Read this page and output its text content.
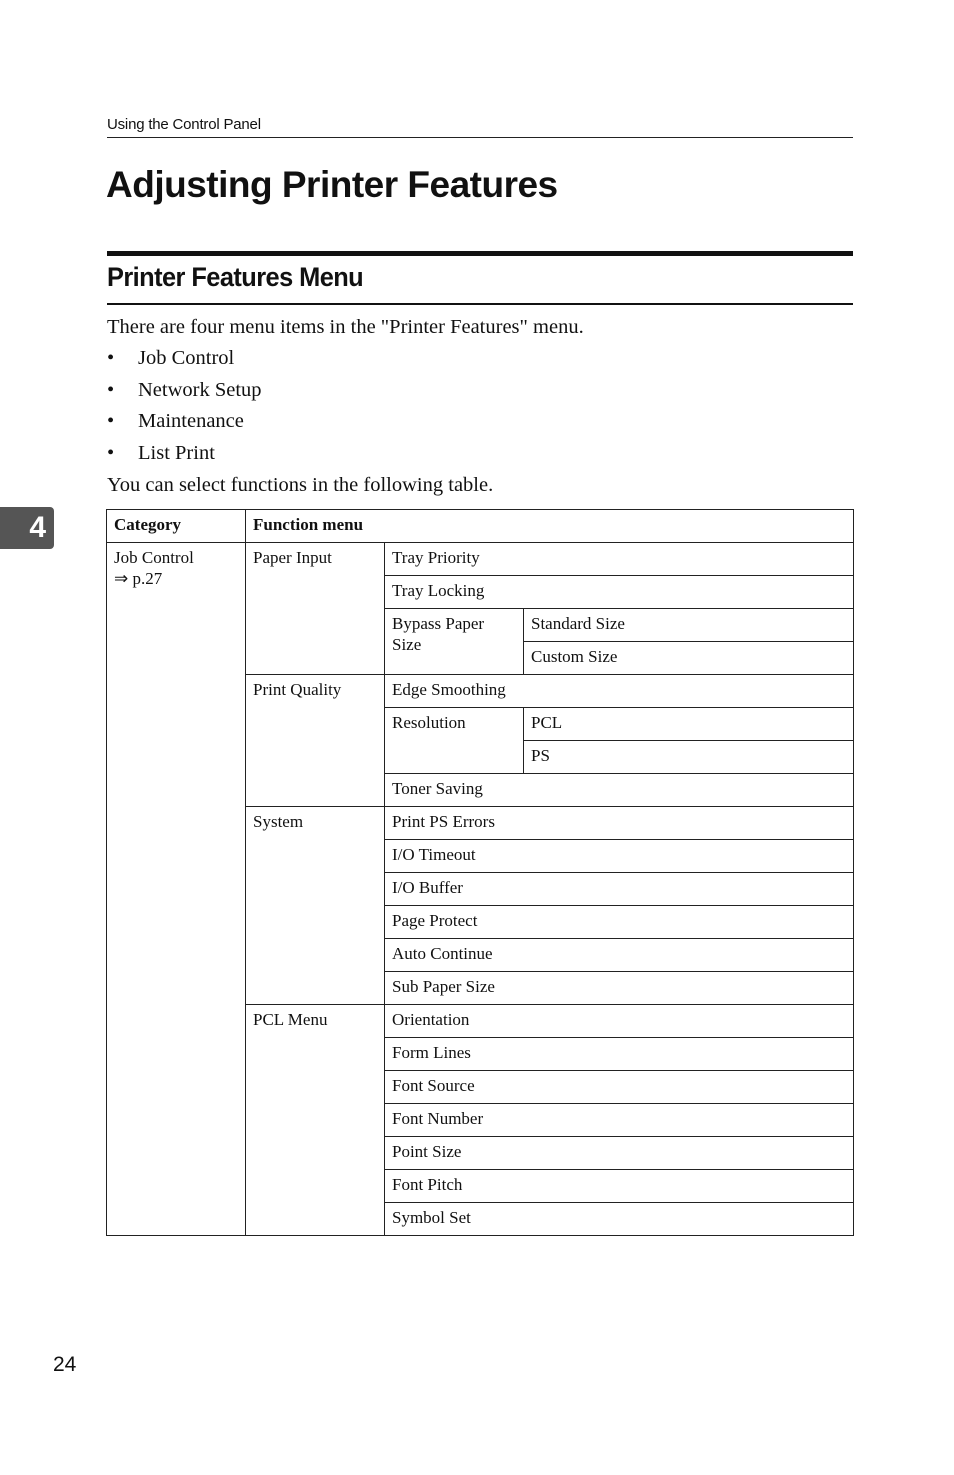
Using the Control Panel
Adjusting Printer Features
Printer Features Menu

There are four menu items in the "Printer Features" menu.

•	Job Control
•	Network Setup
•	Maintenance
•	List Print

You can select functions in the following table.

4	Category	Function menu		

Job Control
⇒ p.27	Paper Input	Tray Priority	
		Tray Locking	
		Bypass Paper Size	Standard Size
			Custom Size
	Print Quality	Edge Smoothing	
		Resolution	PCL
			PS
		Toner Saving	
	System	Print PS Errors	
		I/O Timeout	
		I/O Buffer	
		Page Protect	
		Auto Continue	
		Sub Paper Size	
	PCL Menu	Orientation	
		Form Lines	
		Font Source	
		Font Number	
		Point Size	
		Font Pitch	
		Symbol Set	
24
